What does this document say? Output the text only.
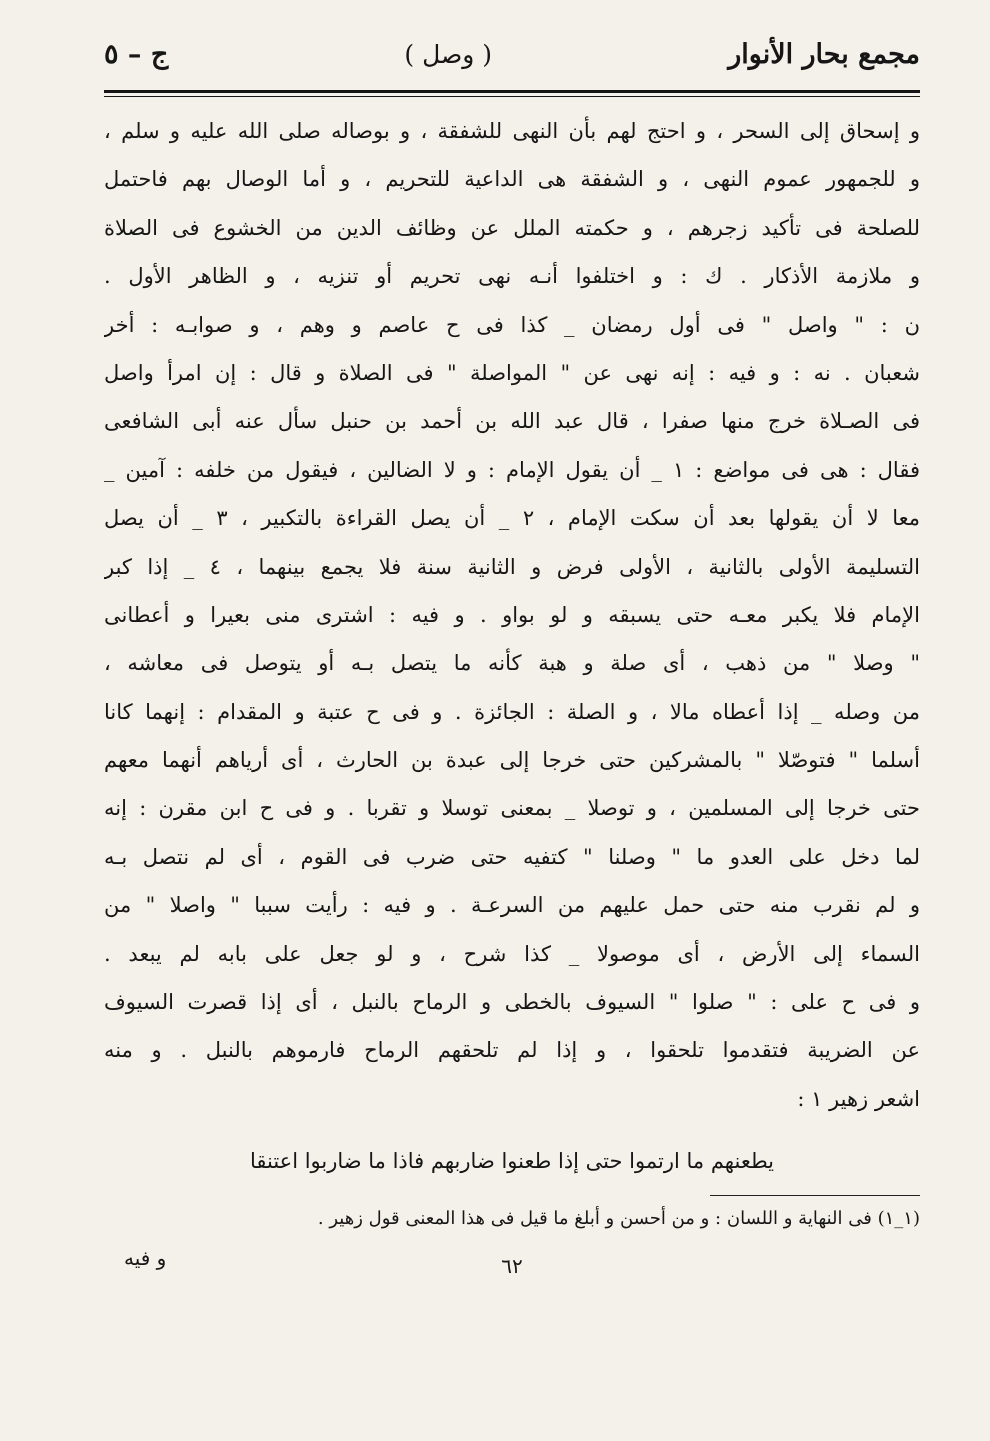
مجمع بحار الأنوار
( وصل )
ج – ٥
و إسحاق إلى السحر ، و احتج لهم بأن النهى للشفقة ، و بوصاله صلى الله عليه و سلم ،
و للجمهور عموم النهى ، و الشفقة هى الداعية للتحريم ، و أما الوصال بهم فاحتمل
للصلحة فى تأكيد زجرهم ، و حكمته الملل عن وظائف الدين من الخشوع فى الصلاة
و ملازمة الأذكار . ك : و اختلفوا أنـه نهى تحريم أو تنزيه ، و الظاهر الأول .
ن : " واصل " فى أول رمضان _ كذا فى ح عاصم و وهم ، و صوابـه : أخر
شعبان . نه : و فيه : إنه نهى عن " المواصلة " فى الصلاة و قال : إن امرأ واصل
فى الصـلاة خرج منها صفرا ، قال عبد الله بن أحمد بن حنبل سأل عنه أبى الشافعى
فقال : هى فى مواضع : ١ _ أن يقول الإمام : و لا الضالين ، فيقول من خلفه : آمين _
معا لا أن يقولها بعد أن سكت الإمام ، ٢ _ أن يصل القراءة بالتكبير ، ٣ _ أن يصل
التسليمة الأولى بالثانية ، الأولى فرض و الثانية سنة فلا يجمع بينهما ، ٤ _ إذا كبر
الإمام فلا يكبر معـه حتى يسبقه و لو بواو . و فيه : اشترى منى بعيرا و أعطانى
" وصلا " من ذهب ، أى صلة و هبة كأنه ما يتصل بـه أو يتوصل فى معاشه ،
من وصله _ إذا أعطاه مالا ، و الصلة : الجائزة . و فى ح عتبة و المقدام : إنهما كانا
أسلما " فتوصّلا " بالمشركين حتى خرجا إلى عبدة بن الحارث ، أى أرياهم أنهما معهم
حتى خرجا إلى المسلمين ، و توصلا _ بمعنى توسلا و تقربا . و فى ح ابن مقرن : إنه
لما دخل على العدو ما " وصلنا " كتفيه حتى ضرب فى القوم ، أى لم نتصل بـه
و لم نقرب منه حتى حمل عليهم من السرعـة . و فيه : رأيت سببا " واصلا " من
السماء إلى الأرض ، أى موصولا _ كذا شرح ، و لو جعل على بابه لم يبعد .
و فى ح على : " صلوا " السيوف بالخطى و الرماح بالنبل ، أى إذا قصرت السيوف
عن الضريبة فتقدموا تلحقوا ، و إذا لم تلحقهم الرماح فارموهم بالنبل . و منه
اشعر زهير ١ :
يطعنهم ما ارتموا حتى إذا طعنوا ضاربهم فاذا ما ضاربوا اعتنقا
(١_١) فى النهاية و اللسان : و من أحسن و أبلغ ما قيل فى هذا المعنى قول زهير .
٦٢
و فيه
